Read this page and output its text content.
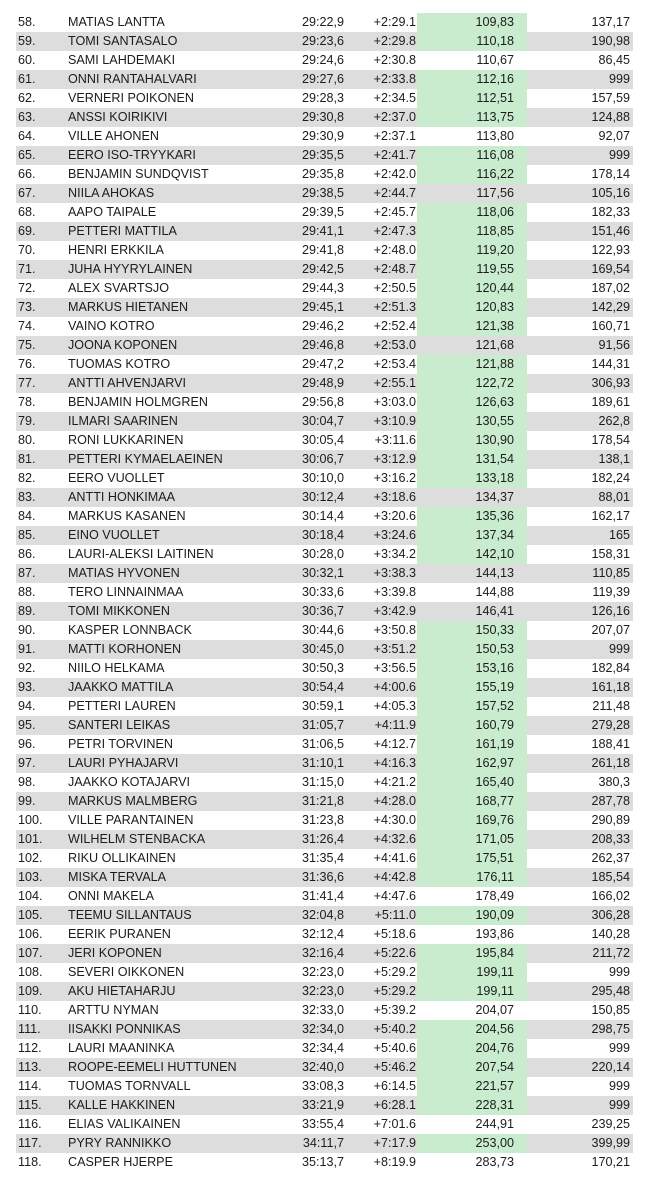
58.	MATIAS LANTTA	29:22,9	+2:29.1	109,83	137,17
59.	TOMI SANTASALO	29:23,6	+2:29.8	110,18	190,98
60.	SAMI LAHDEMAKI	29:24,6	+2:30.8	110,67	86,45
61.	ONNI RANTAHALVARI	29:27,6	+2:33.8	112,16	999
62.	VERNERI POIKONEN	29:28,3	+2:34.5	112,51	157,59
63.	ANSSI KOIRIKIVI	29:30,8	+2:37.0	113,75	124,88
64.	VILLE AHONEN	29:30,9	+2:37.1	113,80	92,07
65.	EERO ISO-TRYYKARI	29:35,5	+2:41.7	116,08	999
66.	BENJAMIN SUNDQVIST	29:35,8	+2:42.0	116,22	178,14
67.	NIILA AHOKAS	29:38,5	+2:44.7	117,56	105,16
68.	AAPO TAIPALE	29:39,5	+2:45.7	118,06	182,33
69.	PETTERI MATTILA	29:41,1	+2:47.3	118,85	151,46
70.	HENRI ERKKILA	29:41,8	+2:48.0	119,20	122,93
71.	JUHA HYYRYLAINEN	29:42,5	+2:48.7	119,55	169,54
72.	ALEX SVARTSJO	29:44,3	+2:50.5	120,44	187,02
73.	MARKUS HIETANEN	29:45,1	+2:51.3	120,83	142,29
74.	VAINO KOTRO	29:46,2	+2:52.4	121,38	160,71
75.	JOONA KOPONEN	29:46,8	+2:53.0	121,68	91,56
76.	TUOMAS KOTRO	29:47,2	+2:53.4	121,88	144,31
77.	ANTTI AHVENJARVI	29:48,9	+2:55.1	122,72	306,93
78.	BENJAMIN HOLMGREN	29:56,8	+3:03.0	126,63	189,61
79.	ILMARI SAARINEN	30:04,7	+3:10.9	130,55	262,8
80.	RONI LUKKARINEN	30:05,4	+3:11.6	130,90	178,54
81.	PETTERI KYMAELAEINEN	30:06,7	+3:12.9	131,54	138,1
82.	EERO VUOLLET	30:10,0	+3:16.2	133,18	182,24
83.	ANTTI HONKIMAA	30:12,4	+3:18.6	134,37	88,01
84.	MARKUS KASANEN	30:14,4	+3:20.6	135,36	162,17
85.	EINO VUOLLET	30:18,4	+3:24.6	137,34	165
86.	LAURI-ALEKSI LAITINEN	30:28,0	+3:34.2	142,10	158,31
87.	MATIAS HYVONEN	30:32,1	+3:38.3	144,13	110,85
88.	TERO LINNAINMAA	30:33,6	+3:39.8	144,88	119,39
89.	TOMI MIKKONEN	30:36,7	+3:42.9	146,41	126,16
90.	KASPER LONNBACK	30:44,6	+3:50.8	150,33	207,07
91.	MATTI KORHONEN	30:45,0	+3:51.2	150,53	999
92.	NIILO HELKAMA	30:50,3	+3:56.5	153,16	182,84
93.	JAAKKO MATTILA	30:54,4	+4:00.6	155,19	161,18
94.	PETTERI LAUREN	30:59,1	+4:05.3	157,52	211,48
95.	SANTERI LEIKAS	31:05,7	+4:11.9	160,79	279,28
96.	PETRI TORVINEN	31:06,5	+4:12.7	161,19	188,41
97.	LAURI PYHAJARVI	31:10,1	+4:16.3	162,97	261,18
98.	JAAKKO KOTAJARVI	31:15,0	+4:21.2	165,40	380,3
99.	MARKUS MALMBERG	31:21,8	+4:28.0	168,77	287,78
100. VILLE PARANTAINEN	31:23,8	+4:30.0	169,76	290,89
101. WILHELM STENBACKA	31:26,4	+4:32.6	171,05	208,33
102. RIKU OLLIKAINEN	31:35,4	+4:41.6	175,51	262,37
103. MISKA TERVALA	31:36,6	+4:42.8	176,11	185,54
104. ONNI MAKELA	31:41,4	+4:47.6	178,49	166,02
105. TEEMU SILLANTAUS	32:04,8	+5:11.0	190,09	306,28
106. EERIK PURANEN	32:12,4	+5:18.6	193,86	140,28
107. JERI KOPONEN	32:16,4	+5:22.6	195,84	211,72
108. SEVERI OIKKONEN	32:23,0	+5:29.2	199,11	999
109. AKU HIETAHARJU	32:23,0	+5:29.2	199,11	295,48
110. ARTTU NYMAN	32:33,0	+5:39.2	204,07	150,85
111. IISAKKI PONNIKAS	32:34,0	+5:40.2	204,56	298,75
112. LAURI MAANINKA	32:34,4	+5:40.6	204,76	999
113. ROOPE-EEMELI HUTTUNEN	32:40,0	+5:46.2	207,54	220,14
114. TUOMAS TORNVALL	33:08,3	+6:14.5	221,57	999
115. KALLE HAKKINEN	33:21,9	+6:28.1	228,31	999
116. ELIAS VALIKAINEN	33:55,4	+7:01.6	244,91	239,25
117. PYRY RANNIKKO	34:11,7	+7:17.9	253,00	399,99
118. CASPER HJERPE	35:13,7	+8:19.9	283,73	170,21
